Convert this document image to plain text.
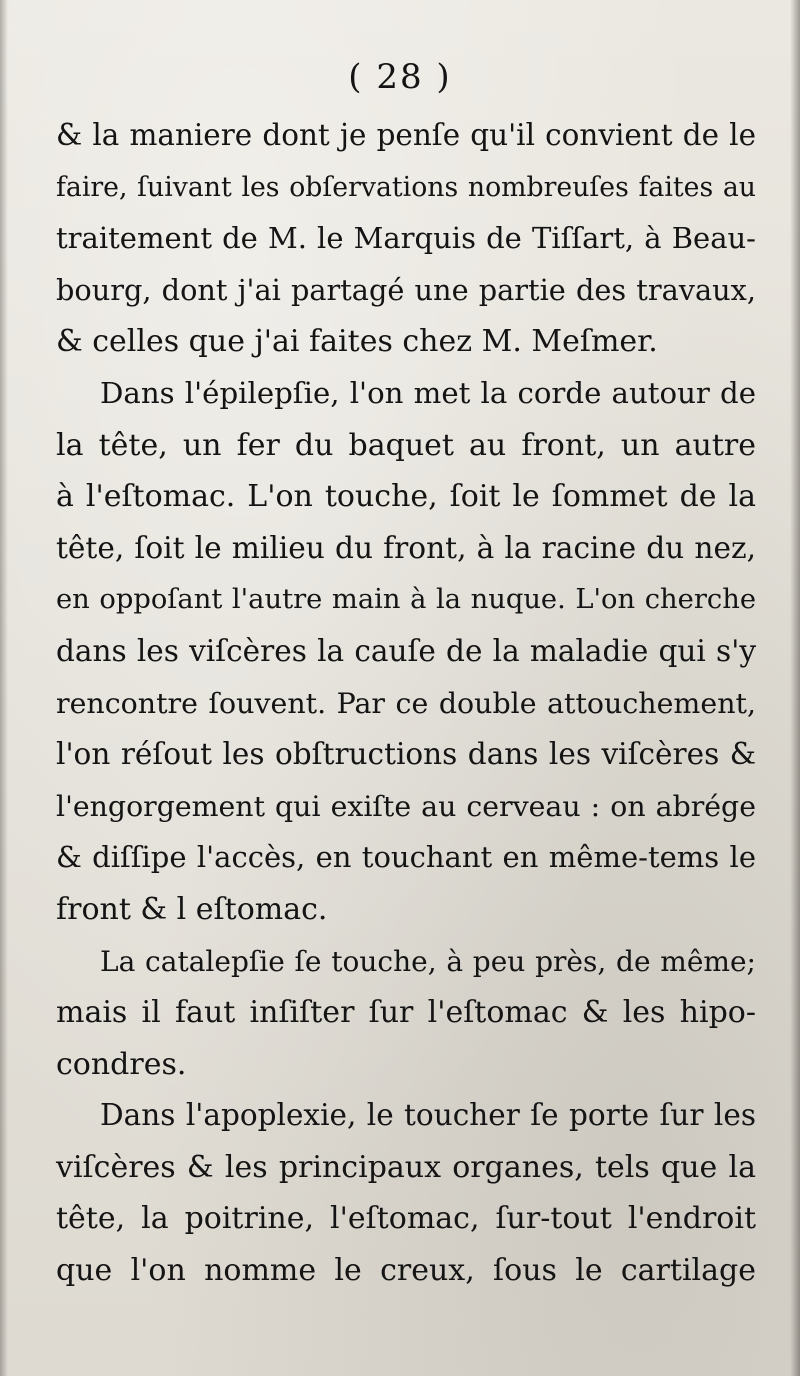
( 28 )
& la maniere dont je penſe qu'il convient de le
faire, ſuivant les obſervations nombreuſes faites au
traitement de M. le Marquis de Tiſſart, à Beau-
bourg, dont j'ai partagé une partie des travaux,
& celles que j'ai faites chez M. Meſmer.
Dans l'épilepſie, l'on met la corde autour de
la tête, un fer du baquet au front, un autre
à l'eſtomac. L'on touche, ſoit le ſommet de la
tête, ſoit le milieu du front, à la racine du nez,
en oppoſant l'autre main à la nuque. L'on cherche
dans les viſcères la cauſe de la maladie qui s'y
rencontre ſouvent. Par ce double attouchement,
l'on réſout les obſtructions dans les viſcères &
l'engorgement qui exiſte au cerveau : on abrége
& diſſipe l'accès, en touchant en même-tems le
front & l eſtomac.
La catalepſie ſe touche, à peu près, de même;
mais il faut inſiſter ſur l'eſtomac & les hipo-
condres.
Dans l'apoplexie, le toucher ſe porte ſur les
viſcères & les principaux organes, tels que la
tête, la poitrine, l'eſtomac, ſur-tout l'endroit
que l'on nomme le creux, ſous le cartilage
